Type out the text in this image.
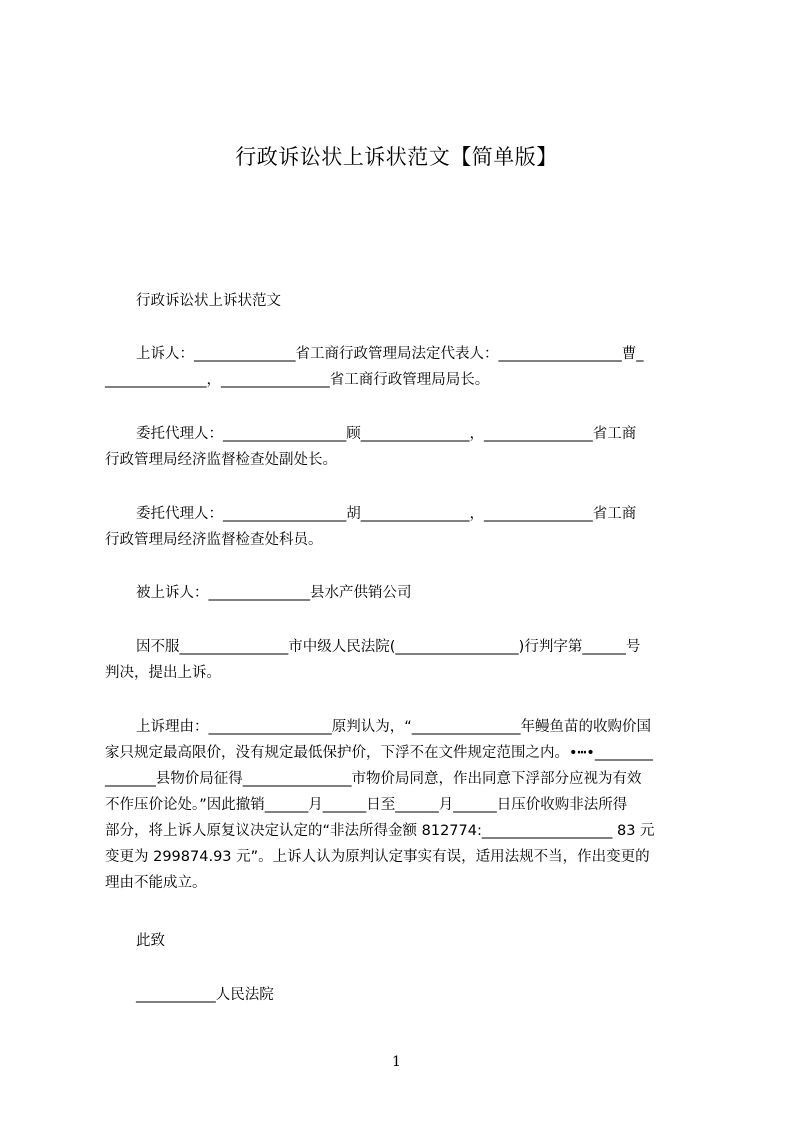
行政诉讼状上诉状范文【简单版】

行政诉讼状上诉状范文

上诉人：______________省工商行政管理局法定代表人：_________________曹_
______________，_______________省工商行政管理局局长。

委托代理人：_________________顾_______________，_______________省工商
行政管理局经济监督检查处副处长。

委托代理人：_________________胡_______________，_______________省工商
行政管理局经济监督检查处科员。

被上诉人：______________县水产供销公司

因不服_______________市中级人民法院(_________________)行判字第______号
判决，提出上诉。

上诉理由：_________________原判认为，“_______________年鳗鱼苗的收购价国
家只规定最高限价，没有规定最低保护价，下浮不在文件规定范围之内。•┅•________
_______县物价局征得_______________市物价局同意，作出同意下浮部分应视为有效
不作压价论处。”因此撤销______月______日至______月______日压价收购非法所得
部分，将上诉人原复议决定认定的“非法所得金额 812774:__________________ 83 元
变更为 299874.93 元”。上诉人认为原判认定事实有误，适用法规不当，作出变更的
理由不能成立。

此致

___________人民法院

1
